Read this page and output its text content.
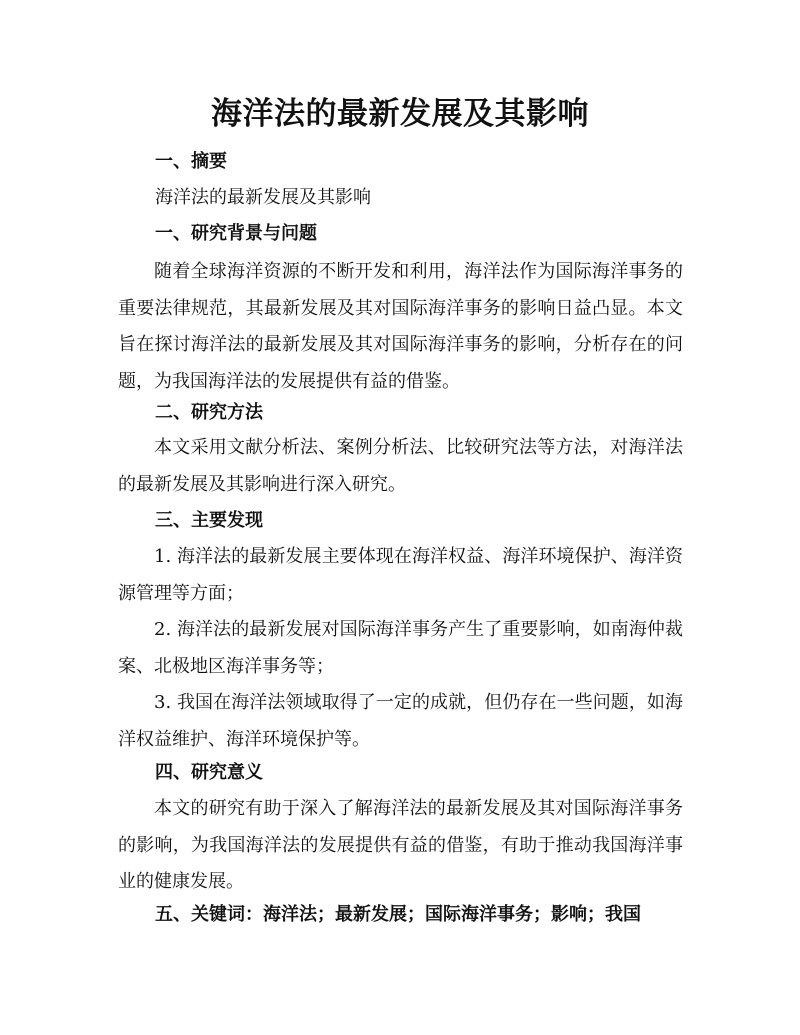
海洋法的最新发展及其影响
一、摘要
海洋法的最新发展及其影响
一、研究背景与问题
随着全球海洋资源的不断开发和利用，海洋法作为国际海洋事务的重要法律规范，其最新发展及其对国际海洋事务的影响日益凸显。本文旨在探讨海洋法的最新发展及其对国际海洋事务的影响，分析存在的问题，为我国海洋法的发展提供有益的借鉴。
二、研究方法
本文采用文献分析法、案例分析法、比较研究法等方法，对海洋法的最新发展及其影响进行深入研究。
三、主要发现
1. 海洋法的最新发展主要体现在海洋权益、海洋环境保护、海洋资源管理等方面；
2. 海洋法的最新发展对国际海洋事务产生了重要影响，如南海仲裁案、北极地区海洋事务等；
3. 我国在海洋法领域取得了一定的成就，但仍存在一些问题，如海洋权益维护、海洋环境保护等。
四、研究意义
本文的研究有助于深入了解海洋法的最新发展及其对国际海洋事务的影响，为我国海洋法的发展提供有益的借鉴，有助于推动我国海洋事业的健康发展。
五、关键词：海洋法；最新发展；国际海洋事务；影响；我国
